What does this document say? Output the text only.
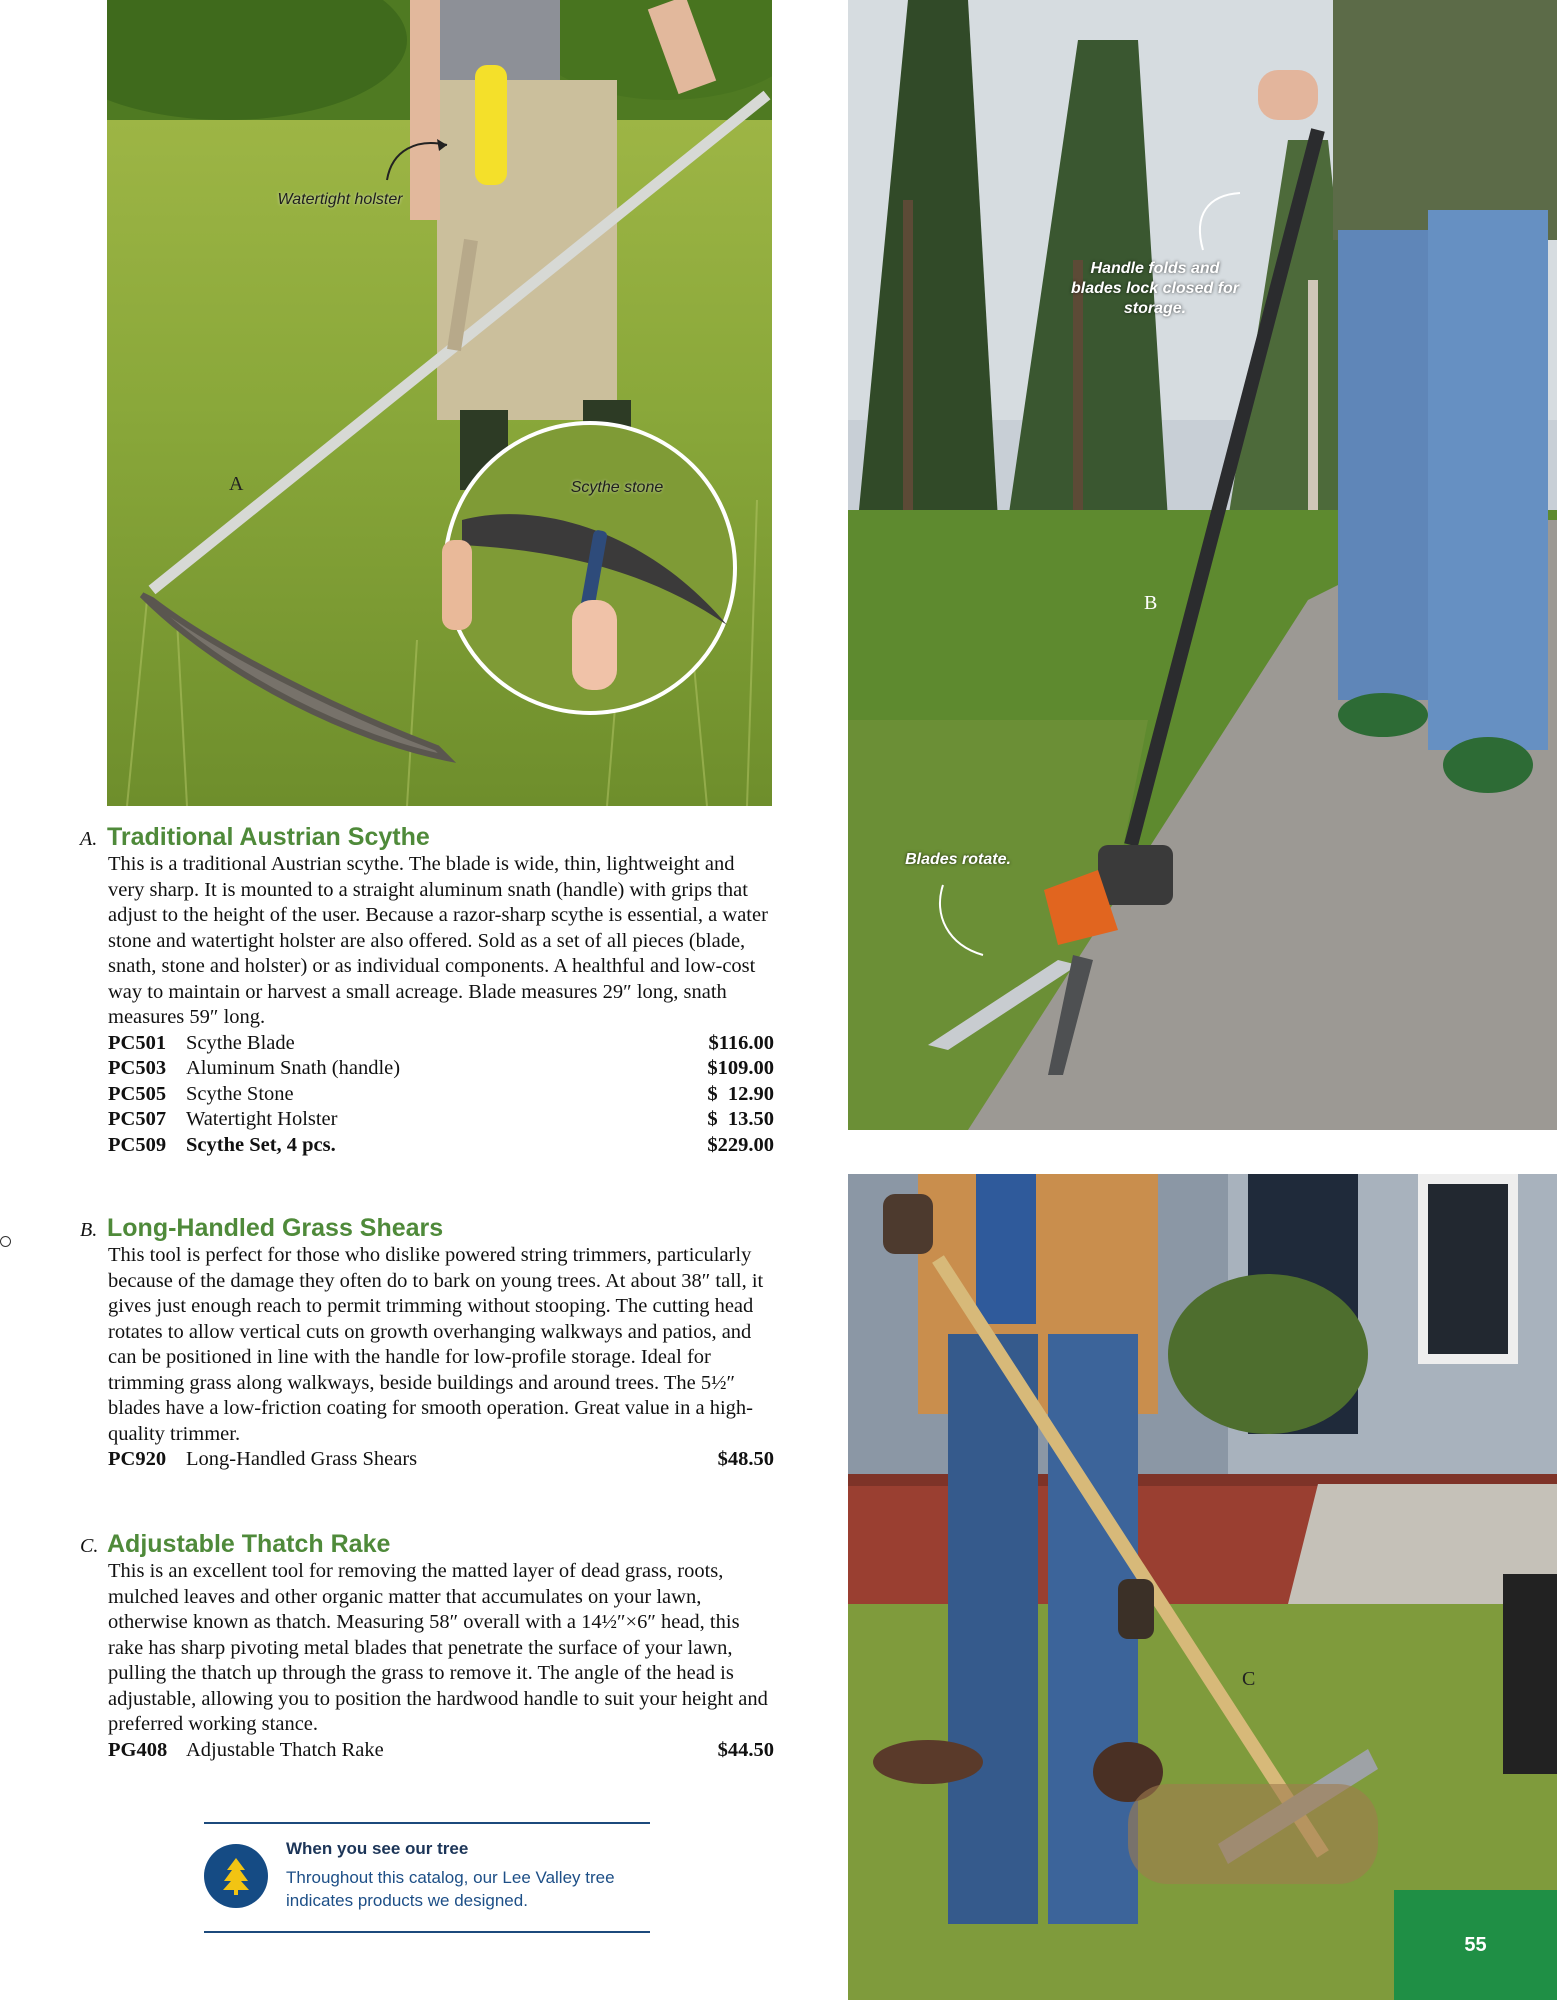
Watertight holster
Scythe stone
A
Handle folds and blades lock closed for storage.
Blades rotate.
B
C
A. Traditional Austrian Scythe
This is a traditional Austrian scythe. The blade is wide, thin, lightweight and very sharp. It is mounted to a straight aluminum snath (handle) with grips that adjust to the height of the user. Because a razor-sharp scythe is essential, a water stone and watertight holster are also offered. Sold as a set of all pieces (blade, snath, stone and holster) or as individual components. A healthful and low-cost way to maintain or harvest a small acreage. Blade measures 29″ long, snath measures 59″ long.
PC501 Scythe Blade	$116.00
PC503 Aluminum Snath (handle)	$109.00
PC505 Scythe Stone	$  12.90
PC507 Watertight Holster	$  13.50
PC509 Scythe Set, 4 pcs.	$229.00
B. Long-Handled Grass Shears
This tool is perfect for those who dislike powered string trimmers, particularly because of the damage they often do to bark on young trees. At about 38″ tall, it gives just enough reach to permit trimming without stooping. The cutting head rotates to allow vertical cuts on growth overhanging walkways and patios, and can be positioned in line with the handle for low-profile storage. Ideal for trimming grass along walkways, beside buildings and around trees. The 5½″ blades have a low-friction coating for smooth operation. Great value in a high-quality trimmer.
PC920 Long-Handled Grass Shears	$48.50
C. Adjustable Thatch Rake
This is an excellent tool for removing the matted layer of dead grass, roots, mulched leaves and other organic matter that accumulates on your lawn, otherwise known as thatch. Measuring 58″ overall with a 14½″×6″ head, this rake has sharp pivoting metal blades that penetrate the surface of your lawn, pulling the thatch up through the grass to remove it. The angle of the head is adjustable, allowing you to position the hardwood handle to suit your height and preferred working stance.
PG408 Adjustable Thatch Rake	$44.50
When you see our tree
Throughout this catalog, our Lee Valley tree indicates products we designed.
55
